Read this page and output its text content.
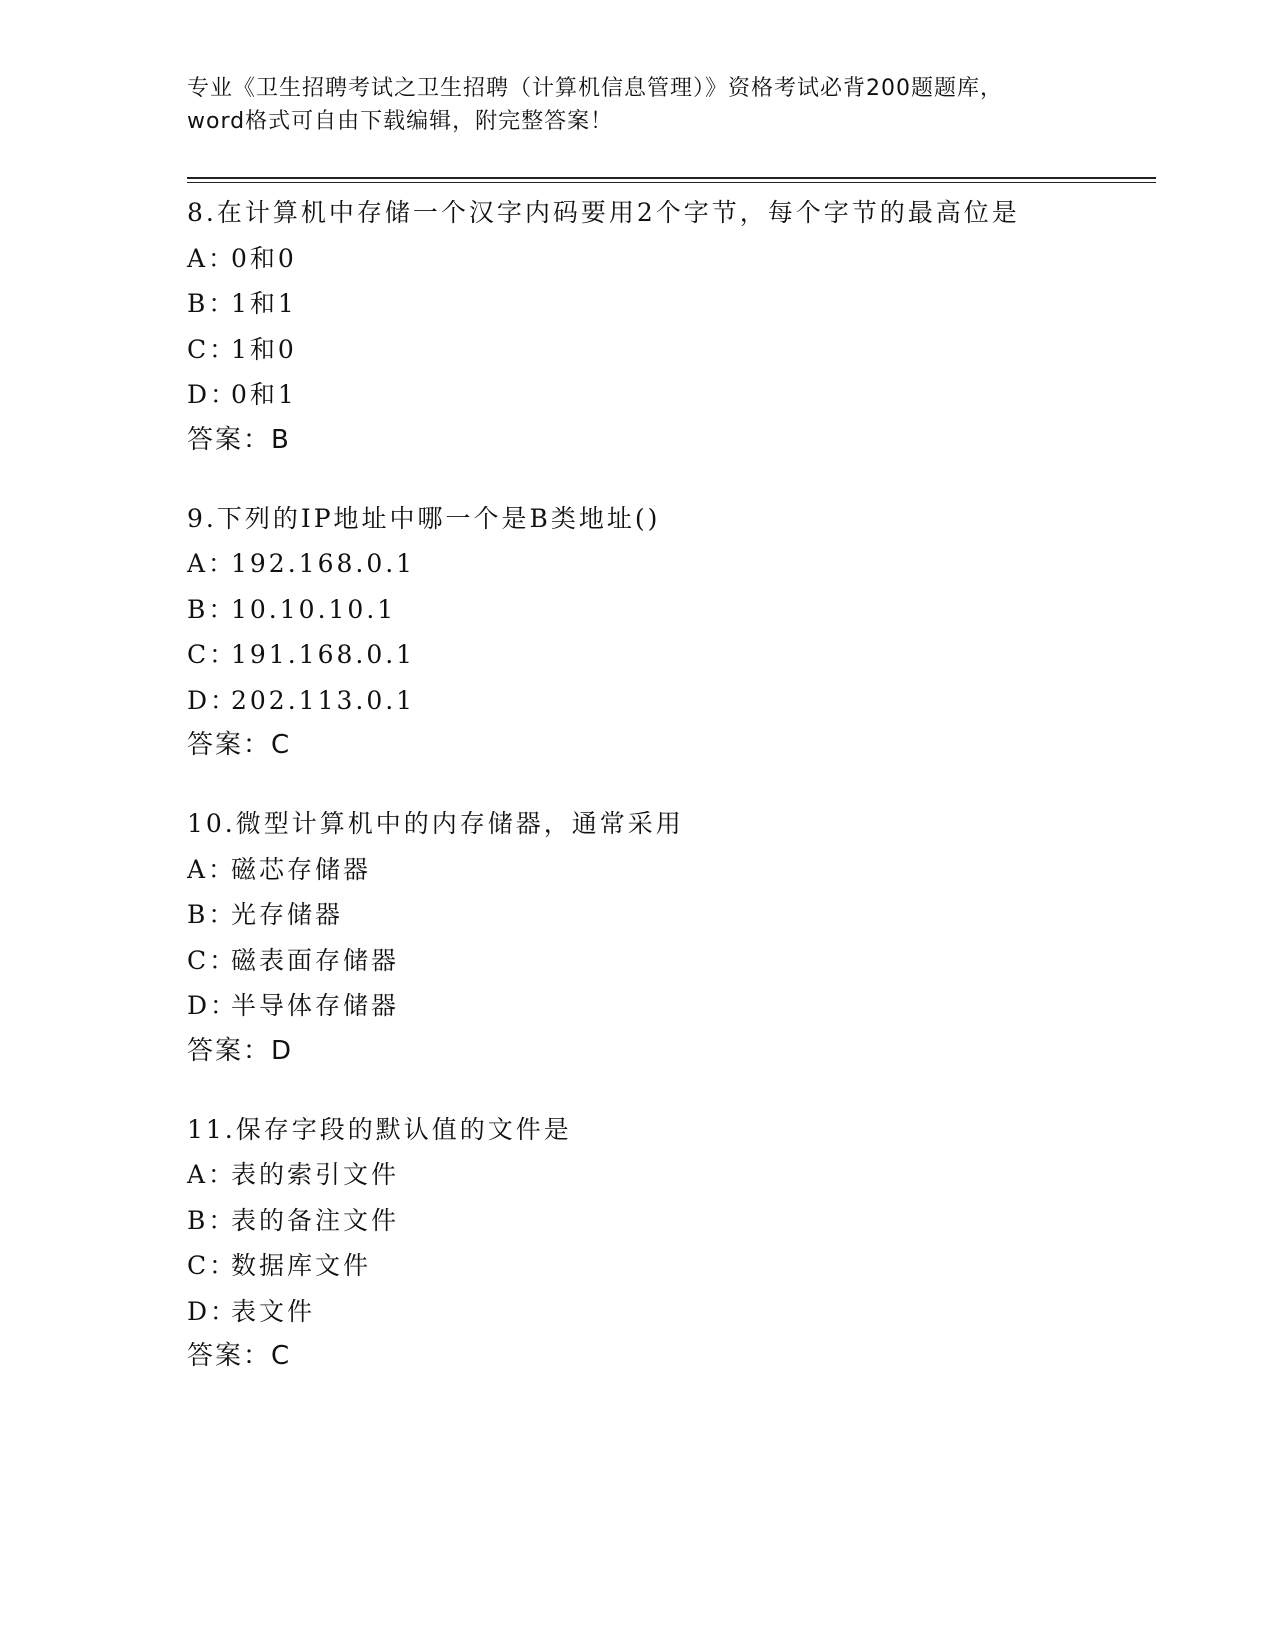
专业《卫生招聘考试之卫生招聘（计算机信息管理）》资格考试必背200题题库，
word格式可自由下载编辑，附完整答案！
8.在计算机中存储一个汉字内码要用2个字节，每个字节的最高位是
A：0和0
B：1和1
C：1和0
D：0和1
答案：B
9.下列的IP地址中哪一个是B类地址()
A：192.168.0.1
B：10.10.10.1
C：191.168.0.1
D：202.113.0.1
答案：C
10.微型计算机中的内存储器，通常采用
A：磁芯存储器
B：光存储器
C：磁表面存储器
D：半导体存储器
答案：D
11.保存字段的默认值的文件是
A：表的索引文件
B：表的备注文件
C：数据库文件
D：表文件
答案：C
